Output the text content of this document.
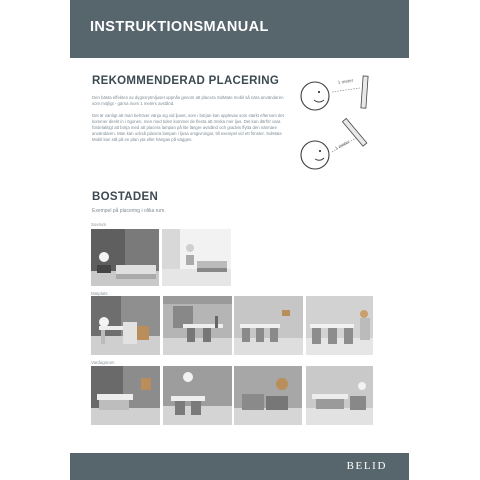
INSTRUKTIONSMANUAL
REKOMMENDERAD PLACERING

Den bästa effekten av dygnsrytmljuset uppnås genom att placera SolMate mobil så nära användaren som möjligt - gärna inom 1 meters avstånd.

Det är vanligt att man behöver vänja sig vid ljuset, som i början kan upplevas som starkt eftersom det kommer direkt in i ögonen, men med tiden kommer de flesta att önska mer ljus. Det kan därför vara fördelaktigt att börja med att placera lampan på lite längre avstånd och gradvis flytta den närmare användaren. Man kan också placera lampan i ljusa omgivningar, till exempel vid ett fönster. SolMate Mobil kan stå på en plan yta eller hängas på väggen.

1 meter
1 meter
BOSTADEN
Exempel på placering i olika rum.
Sovrum
Matplats
Vardagsrum
BELID
